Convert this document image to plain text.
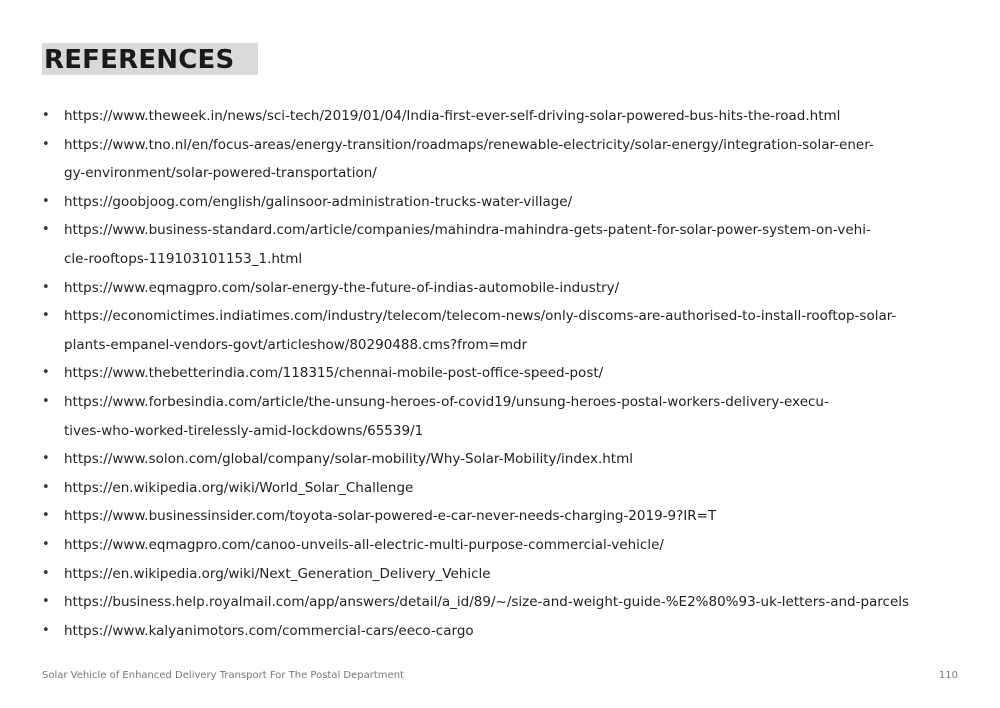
REFERENCES
• https://www.theweek.in/news/sci-tech/2019/01/04/India-first-ever-self-driving-solar-powered-bus-hits-the-road.html
• https://www.tno.nl/en/focus-areas/energy-transition/roadmaps/renewable-electricity/solar-energy/integration-solar-ener-
gy-environment/solar-powered-transportation/
• https://goobjoog.com/english/galinsoor-administration-trucks-water-village/
• https://www.business-standard.com/article/companies/mahindra-mahindra-gets-patent-for-solar-power-system-on-vehi-
cle-rooftops-119103101153_1.html
• https://www.eqmagpro.com/solar-energy-the-future-of-indias-automobile-industry/
• https://economictimes.indiatimes.com/industry/telecom/telecom-news/only-discoms-are-authorised-to-install-rooftop-solar-
plants-empanel-vendors-govt/articleshow/80290488.cms?from=mdr
• https://www.thebetterindia.com/118315/chennai-mobile-post-office-speed-post/
• https://www.forbesindia.com/article/the-unsung-heroes-of-covid19/unsung-heroes-postal-workers-delivery-execu-
tives-who-worked-tirelessly-amid-lockdowns/65539/1
• https://www.solon.com/global/company/solar-mobility/Why-Solar-Mobility/index.html
• https://en.wikipedia.org/wiki/World_Solar_Challenge
• https://www.businessinsider.com/toyota-solar-powered-e-car-never-needs-charging-2019-9?IR=T
• https://www.eqmagpro.com/canoo-unveils-all-electric-multi-purpose-commercial-vehicle/
• https://en.wikipedia.org/wiki/Next_Generation_Delivery_Vehicle
• https://business.help.royalmail.com/app/answers/detail/a_id/89/~/size-and-weight-guide-%E2%80%93-uk-letters-and-parcels
• https://www.kalyanimotors.com/commercial-cars/eeco-cargo
Solar Vehicle of Enhanced Delivery Transport For The Postal Department	110
